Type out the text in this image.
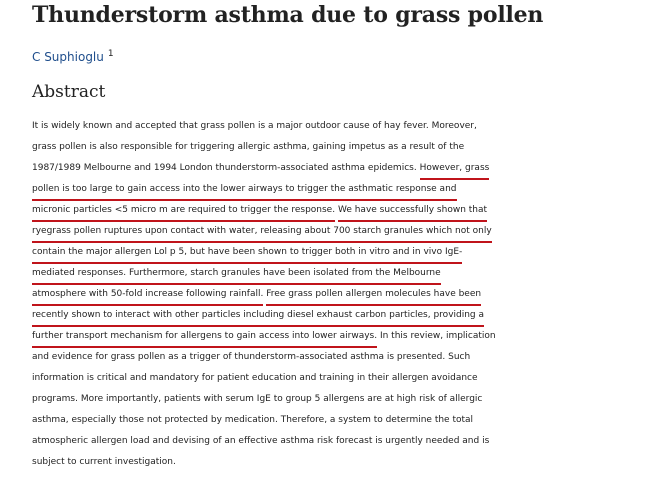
Thunderstorm asthma due to grass pollen
C Suphioglu $^1$
Abstract
It is widely known and accepted that grass pollen is a major outdoor cause of hay fever. Moreover,
grass pollen is also responsible for triggering allergic asthma, gaining impetus as a result of the
1987/1989 Melbourne and 1994 London thunderstorm-associated asthma epidemics. However, grass
pollen is too large to gain access into the lower airways to trigger the asthmatic response and
micronic particles <5 micro m are required to trigger the response. We have successfully shown that
ryegrass pollen ruptures upon contact with water, releasing about 700 starch granules which not only
contain the major allergen Lol p 5, but have been shown to trigger both in vitro and in vivo IgE-
mediated responses. Furthermore, starch granules have been isolated from the Melbourne
atmosphere with 50-fold increase following rainfall. Free grass pollen allergen molecules have been
recently shown to interact with other particles including diesel exhaust carbon particles, providing a
further transport mechanism for allergens to gain access into lower airways. In this review, implication
and evidence for grass pollen as a trigger of thunderstorm-associated asthma is presented. Such
information is critical and mandatory for patient education and training in their allergen avoidance
programs. More importantly, patients with serum IgE to group 5 allergens are at high risk of allergic
asthma, especially those not protected by medication. Therefore, a system to determine the total
atmospheric allergen load and devising of an effective asthma risk forecast is urgently needed and is
subject to current investigation.
